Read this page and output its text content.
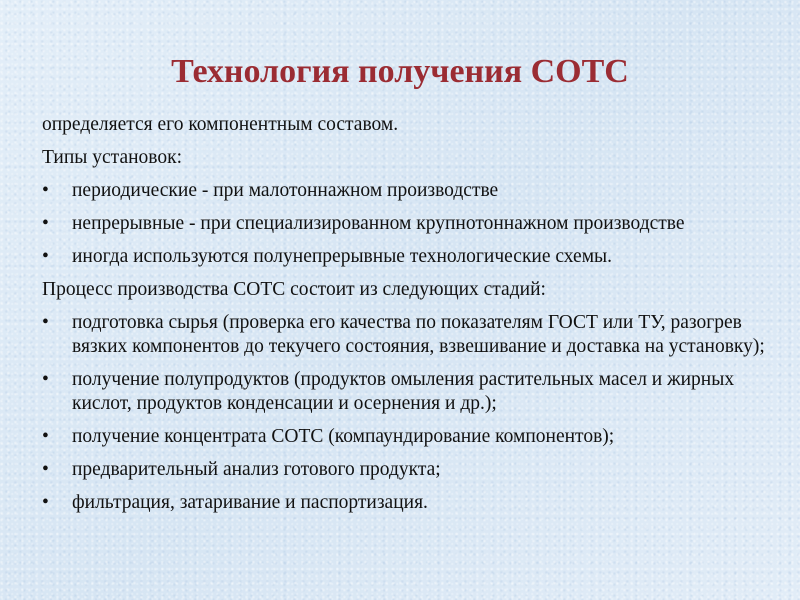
Технология получения СОТС

определяется его компонентным составом.

Типы установок:

•	периодические - при малотоннажном производстве
•	непрерывные - при специализированном крупнотоннажном производстве
•	иногда используются полунепрерывные технологические схемы.

Процесс производства СОТС состоит из следующих стадий:

•	подготовка сырья (проверка его качества по показателям ГОСТ или ТУ, разогрев вязких компонентов до текучего состояния, взвешивание и доставка на установку);
•	получение полупродуктов (продуктов омыления растительных масел и жирных кислот, продуктов конденсации и осернения и др.);
•	получение концентрата СОТС (компаундирование компонентов);
•	предварительный анализ готового продукта;
•	фильтрация, затаривание и паспортизация.
